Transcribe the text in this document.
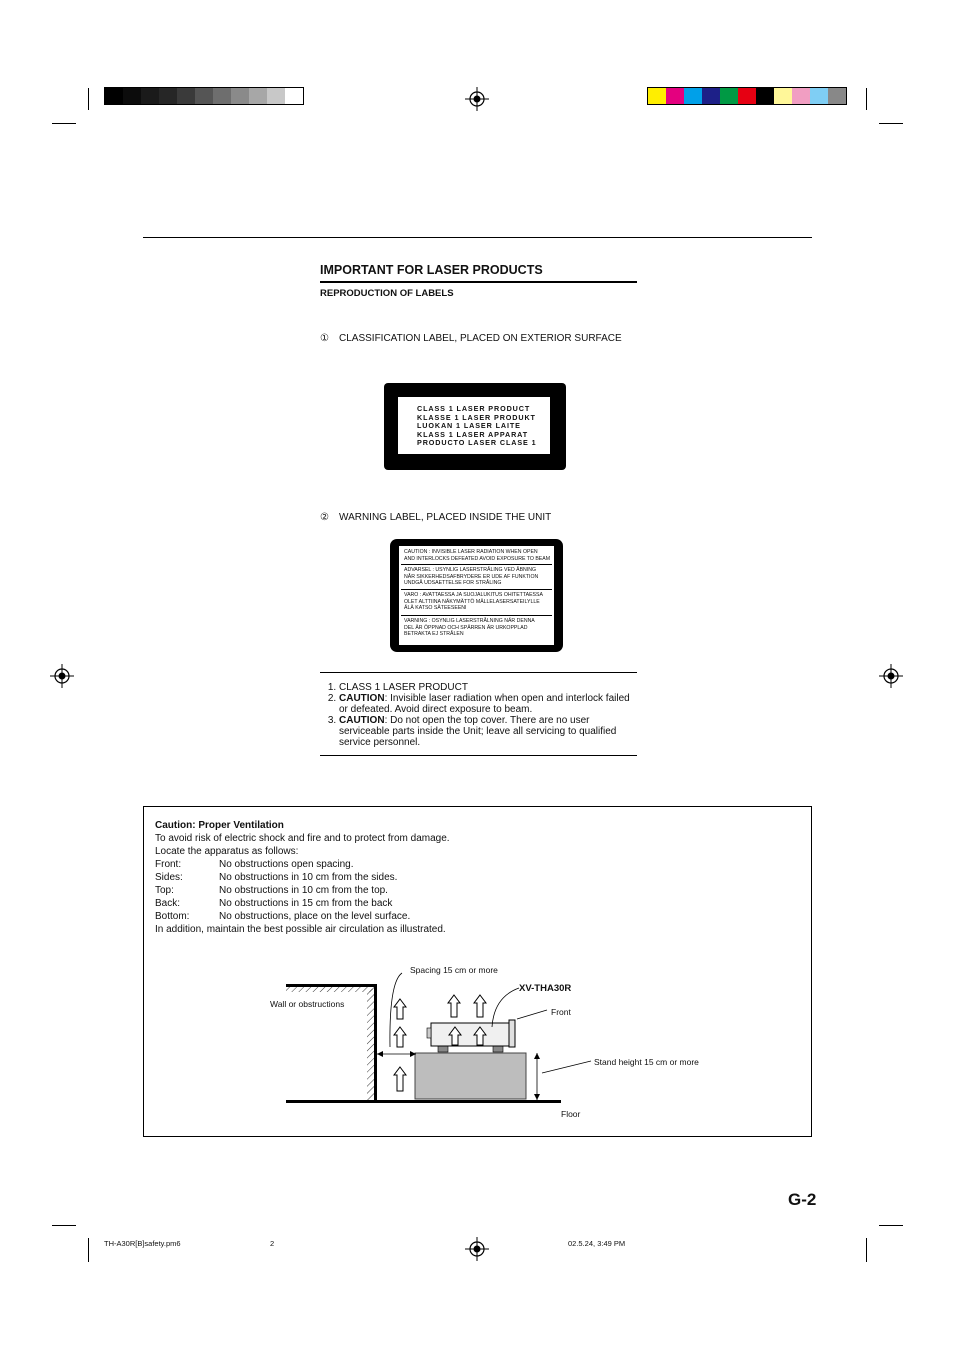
IMPORTANT FOR LASER PRODUCTS
REPRODUCTION OF LABELS
① CLASSIFICATION LABEL, PLACED ON EXTERIOR SURFACE
CLASS 1 LASER PRODUCT
KLASSE 1 LASER PRODUKT
LUOKAN 1 LASER LAITE
KLASS 1 LASER APPARAT
PRODUCTO LASER CLASE 1
② WARNING LABEL, PLACED INSIDE THE UNIT
CAUTION : INVISIBLE LASER RADIATION WHEN OPEN
AND INTERLOCKS DEFEATED AVOID EXPOSURE TO BEAM
ADVARSEL : USYNLIG LASERSTRÅLING VED ÅBNING
NÅR SIKKERHEDSAFBRYDERE ER UDE AF FUNKTION
UNDGÅ UDSAETTELSE FOR STRÅLING
VARO : AVATTAESSA JA SUOJALUKITUS OHITETTAESSA
OLET ALTTIINA NÄKYMÄTTÖ MÄLLELASERSATEILYLLE
ÄLÄ KATSO SÄTEESEENI
VARNING : OSYNLIG LASERSTRÅLNING NÄR DENNA
DEL ÄR ÖPPNAD OCH SPÄRREN ÄR URKOPPLAD
BETRAKTA EJ STRÅLEN
1. CLASS 1 LASER PRODUCT
2. CAUTION: Invisible laser radiation when open and interlock failed or defeated. Avoid direct exposure to beam.
3. CAUTION: Do not open the top cover. There are no user serviceable parts inside the Unit; leave all servicing to qualified service personnel.
Caution: Proper Ventilation
To avoid risk of electric shock and fire and to protect from damage.
Locate the apparatus as follows:
Front:	No obstructions open spacing.
Sides:	No obstructions in 10 cm from the sides.
Top:	No obstructions in 10 cm from the top.
Back:	No obstructions in 15 cm from the back
Bottom:	No obstructions, place on the level surface.
In addition, maintain the best possible air circulation as illustrated.
Spacing 15 cm or more
XV-THA30R
Wall or obstructions
Front
Stand height 15 cm or more
Floor
G-2
TH-A30R[B]safety.pm6	2	02.5.24, 3:49 PM
